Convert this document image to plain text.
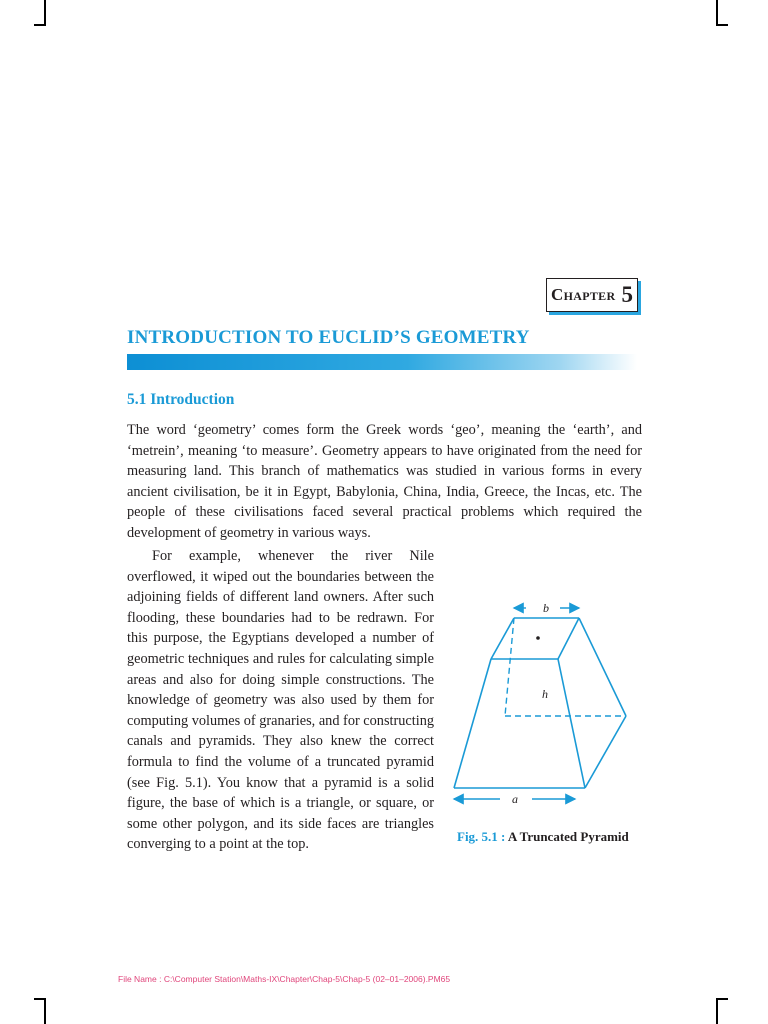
Chapter 5
INTRODUCTION TO EUCLID’S GEOMETRY
5.1 Introduction

The word ‘geometry’ comes form the Greek words ‘geo’, meaning the ‘earth’, and ‘metrein’, meaning ‘to measure’. Geometry appears to have originated from the need for measuring land. This branch of mathematics was studied in various forms in every ancient civilisation, be it in Egypt, Babylonia, China, India, Greece, the Incas, etc. The people of these civilisations faced several practical problems which required the development of geometry in various ways.

For example, whenever the river Nile overflowed, it wiped out the boundaries between the adjoining fields of different land owners. After such flooding, these boundaries had to be redrawn. For this purpose, the Egyptians developed a number of geometric techniques and rules for calculating simple areas and also for doing simple constructions. The knowledge of geometry was also used by them for computing volumes of granaries, and for constructing canals and pyramids. They also knew the correct formula to find the volume of a truncated pyramid (see Fig. 5.1). You know that a pyramid is a solid figure, the base of which is a triangle, or square, or some other polygon, and its side faces are triangles converging to a point at the top.

b
h
a
Fig. 5.1 : A Truncated Pyramid
File Name : C:\Computer Station\Maths-IX\Chapter\Chap-5\Chap-5 (02–01–2006).PM65
